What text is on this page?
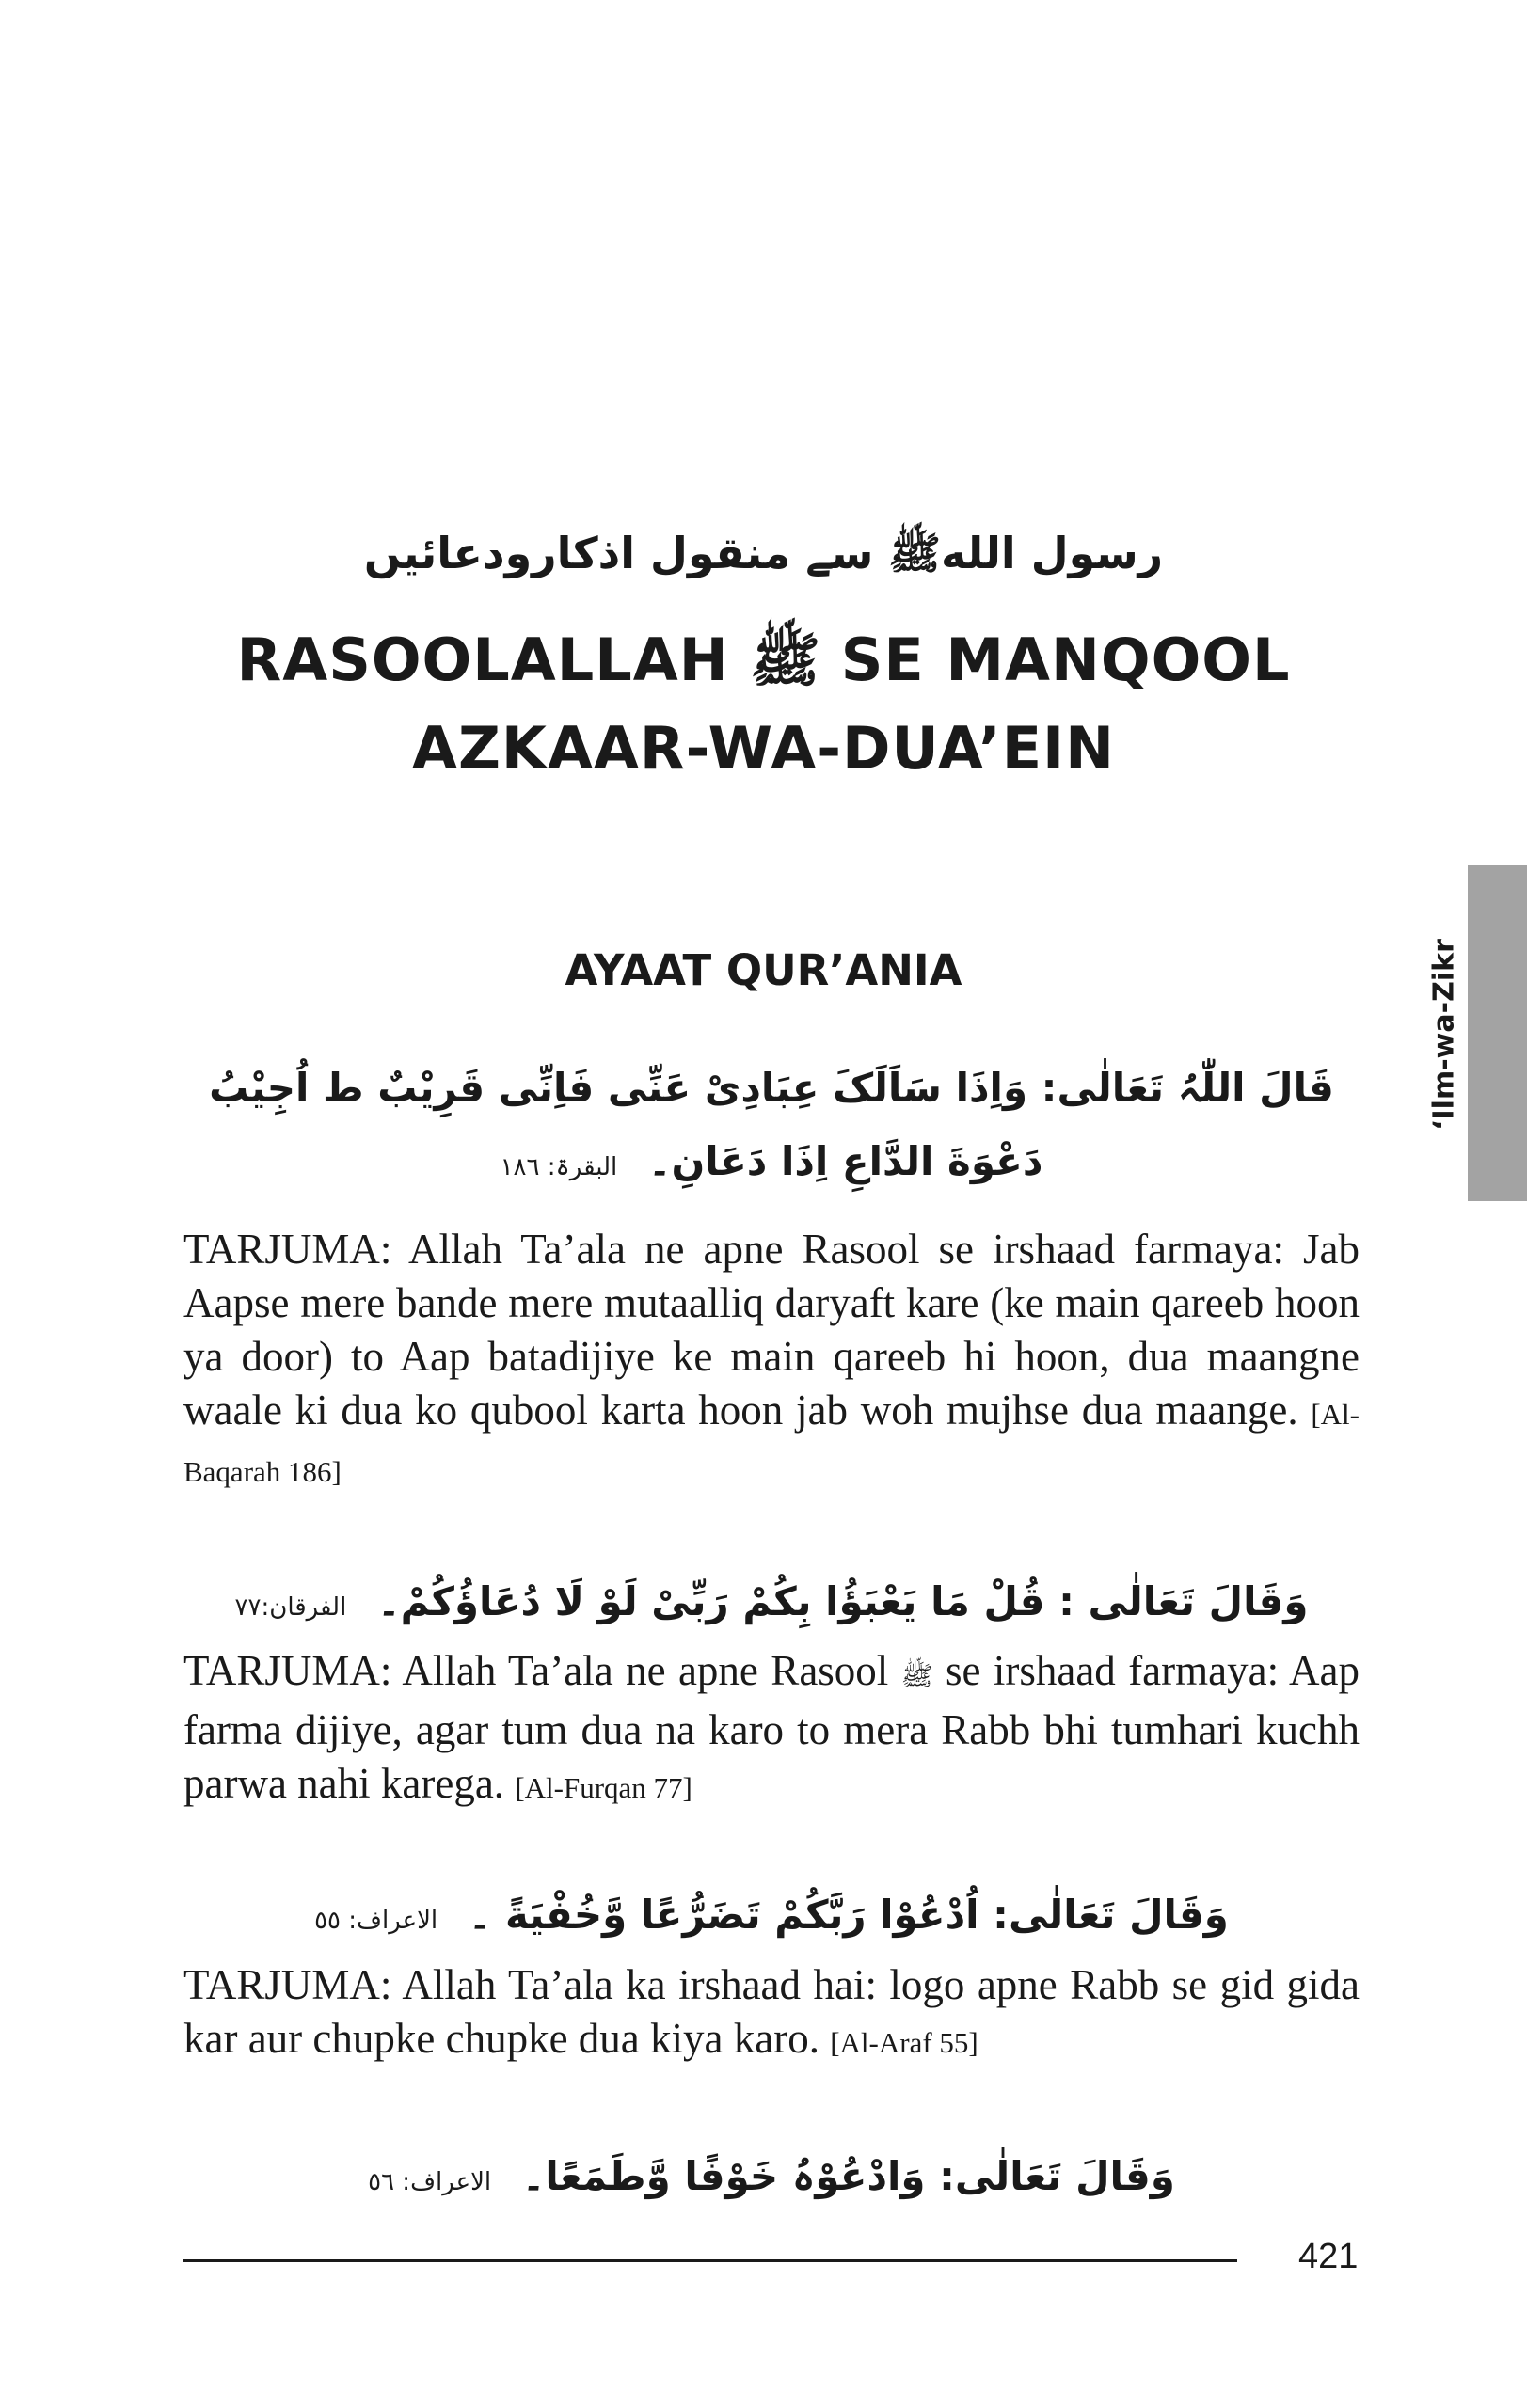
رسول اللهﷺ سے منقول اذکارودعائیں
RASOOLALLAH ﷺ SE MANQOOL
AZKAAR-WA-DUA’EIN
‘Ilm-wa-Zikr
AYAAT QUR’ANIA
قَالَ اللّٰہُ تَعَالٰی: وَاِذَا سَاَلَکَ عِبَادِیْ عَنِّی فَاِنِّی قَرِیْبٌ ط اُجِیْبُ دَعْوَةَ الدَّاعِ اِذَا دَعَانِ۔ البقرۃ: ١٨٦

TARJUMA: Allah Ta’ala ne apne Rasool se irshaad farmaya: Jab Aapse mere bande mere mutaalliq daryaft kare (ke main qareeb hoon ya door) to Aap batadijiye ke main qareeb hi hoon, dua maangne waale ki dua ko qubool karta hoon jab woh mujhse dua maange. [Al-Baqarah 186]

وَقَالَ تَعَالٰی : قُلْ مَا یَعْبَؤُا بِکُمْ رَبِّیْ لَوْ لَا دُعَاؤُکُمْ۔ الفرقان:٧٧

TARJUMA: Allah Ta’ala ne apne Rasool ﷺ se irshaad farmaya: Aap farma dijiye, agar tum dua na karo to mera Rabb bhi tumhari kuchh parwa nahi karega. [Al-Furqan 77]

وَقَالَ تَعَالٰی: اُدْعُوْا رَبَّکُمْ تَضَرُّعًا وَّخُفْیَةً ۔ الاعراف: ٥٥

TARJUMA: Allah Ta’ala ka irshaad hai: logo apne Rabb se gid gida kar aur chupke chupke dua kiya karo. [Al-Araf 55]

وَقَالَ تَعَالٰی: وَادْعُوْہُ خَوْفًا وَّطَمَعًا۔ الاعراف: ٥٦
421
